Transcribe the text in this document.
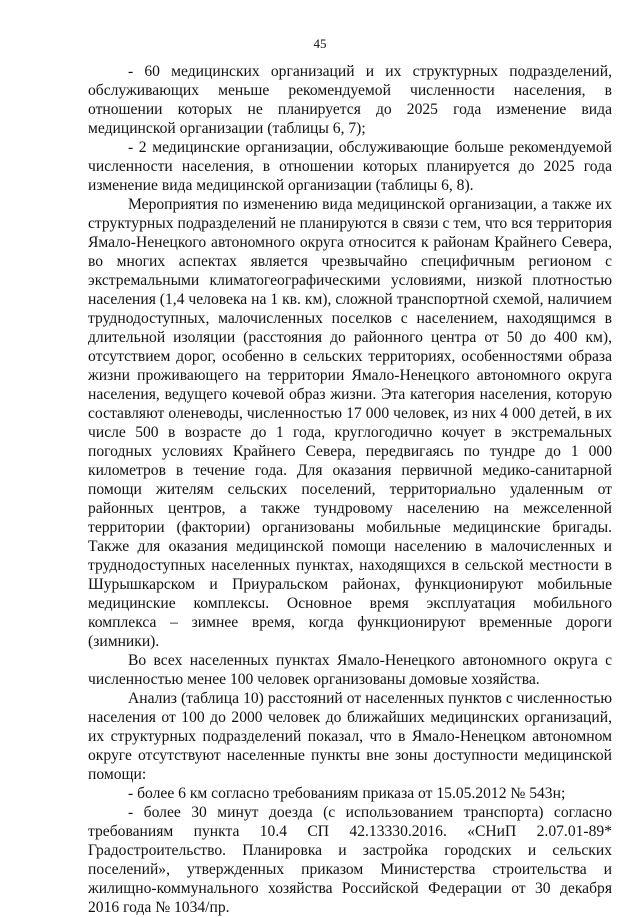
45

- 60 медицинских организаций и их структурных подразделений, обслуживающих меньше рекомендуемой численности населения, в отношении которых не планируется до 2025 года изменение вида медицинской организации (таблицы 6, 7);

- 2 медицинские организации, обслуживающие больше рекомендуемой численности населения, в отношении которых планируется до 2025 года изменение вида медицинской организации (таблицы 6, 8).

Мероприятия по изменению вида медицинской организации, а также их структурных подразделений не планируются в связи с тем, что вся территория Ямало-Ненецкого автономного округа относится к районам Крайнего Севера, во многих аспектах является чрезвычайно специфичным регионом с экстремальными климатогеографическими условиями, низкой плотностью населения (1,4 человека на 1 кв. км), сложной транспортной схемой, наличием труднодоступных, малочисленных поселков с населением, находящимся в длительной изоляции (расстояния до районного центра от 50 до 400 км), отсутствием дорог, особенно в сельских территориях, особенностями образа жизни проживающего на территории Ямало-Ненецкого автономного округа населения, ведущего кочевой образ жизни. Эта категория населения, которую составляют оленеводы, численностью 17 000 человек, из них 4 000 детей, в их числе 500 в возрасте до 1 года, круглогодично кочует в экстремальных погодных условиях Крайнего Севера, передвигаясь по тундре до 1 000 километров в течение года. Для оказания первичной медико-санитарной помощи жителям сельских поселений, территориально удаленным от районных центров, а также тундровому населению на межселенной территории (фактории) организованы мобильные медицинские бригады. Также для оказания медицинской помощи населению в малочисленных и труднодоступных населенных пунктах, находящихся в сельской местности в Шурышкарском и Приуральском районах, функционируют мобильные медицинские комплексы. Основное время эксплуатация мобильного комплекса – зимнее время, когда функционируют временные дороги (зимники).

Во всех населенных пунктах Ямало-Ненецкого автономного округа с численностью менее 100 человек организованы домовые хозяйства.

Анализ (таблица 10) расстояний от населенных пунктов с численностью населения от 100 до 2000 человек до ближайших медицинских организаций, их структурных подразделений показал, что в Ямало-Ненецком автономном округе отсутствуют населенные пункты вне зоны доступности медицинской помощи:

- более 6 км согласно требованиям приказа от 15.05.2012 № 543н;

- более 30 минут доезда (с использованием транспорта) согласно требованиям пункта 10.4 СП 42.13330.2016. «СНиП 2.07.01-89* Градостроительство. Планировка и застройка городских и сельских поселений», утвержденных приказом Министерства строительства и жилищно-коммунального хозяйства Российской Федерации от 30 декабря 2016 года № 1034/пр.
